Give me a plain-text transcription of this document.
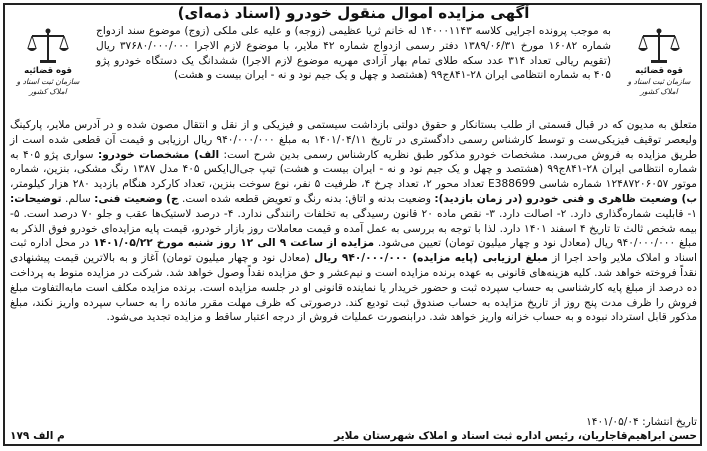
آگهی مزایده اموال منقول خودرو (اسناد ذمه‌ای)
قوه قضائیه
سازمان ثبت اسناد و املاک کشور
قوه قضائیه
سازمان ثبت اسناد و املاک کشور
به موجب پرونده اجرایی کلاسه ۱۴۰۰۰۱۱۴۳ له خانم ثریا عظیمی (زوجه) و علیه علی ملکی (زوج) موضوع سند ازدواج شماره ۱۶۰۸۲ مورخ ۱۳۸۹/۰۶/۳۱ دفتر رسمی ازدواج شماره ۴۲ ملایر، با موضوع لازم الاجرا ۳۷۶۸۰/۰۰۰/۰۰۰ ریال (تقویم ریالی تعداد ۳۱۴ عدد سکه طلای تمام بهار آزادی مهریه موضوع لازم الاجرا) ششدانگ یک دستگاه خودرو پژو ۴۰۵ به شماره انتظامی ایران ۲۸-۸۴۱ج۹۹ (هشتصد و چهل و یک جیم نود و نه - ایران بیست و هشت)
متعلق به مدیون که در قبال قسمتی از طلب بستانکار و حقوق دولتی بازداشت سیستمی و فیزیکی و از نقل و انتقال مصون شده و در آدرس ملایر، پارکینگ ولیعصر توقیف فیزیکی‌ست و توسط کارشناس رسمی دادگستری در تاریخ ۱۴۰۱/۰۴/۱۱ به مبلغ ۹۴۰/۰۰۰/۰۰۰ ریال ارزیابی و قیمت آن قطعی شده است از طریق مزایده به فروش می‌رسد. مشخصات خودرو مذکور طبق نظریه کارشناس رسمی بدین شرح است: الف) مشخصات خودرو: سواری پژو ۴۰۵ به شماره انتظامی ایران ۲۸-۸۴۱ج۹۹ (هشتصد و چهل و یک جیم نود و نه - ایران بیست و هشت) تیپ جی‌ال‌ایکس ۴۰۵ مدل ۱۳۸۷ رنگ مشکی، بنزین، شماره موتور ۱۲۴۸۷۲۰۶۰۵۷ شماره شاسی E388699 تعداد محور ۲، تعداد چرخ ۴، ظرفیت ۵ نفر، نوع سوخت بنزین، تعداد کارکرد هنگام بازدید ۲۸۰ هزار کیلومتر، ب) وضعیت ظاهری و فنی خودرو (در زمان بازدید): وضعیت بدنه و اتاق: بدنه رنگ و تعویض قطعه شده است. ج) وضعیت فنی: سالم. توضیحات: ۱- قابلیت شماره‌گذاری دارد. ۲- اصالت دارد. ۳- نقص ماده ۲۰ قانون رسیدگی به تخلفات رانندگی ندارد. ۴- درصد لاستیک‌ها عقب و جلو ۷۰ درصد است. ۵- بیمه شخص ثالث تا تاریخ ۴ اسفند ۱۴۰۱ دارد. لذا با توجه به بررسی به عمل آمده و قیمت معاملات روز بازار خودرو، قیمت پایه مزایده‌ای خودرو فوق الذکر به مبلغ ۹۴۰/۰۰۰/۰۰۰ ریال (معادل نود و چهار میلیون تومان) تعیین می‌شود. مزایده از ساعت ۹ الی ۱۲ روز شنبه مورخ ۱۴۰۱/۰۵/۲۲ در محل اداره ثبت اسناد و املاک ملایر واحد اجرا از مبلغ ارزیابی (پایه مزایده) ۹۴۰/۰۰۰/۰۰۰ ریال (معادل نود و چهار میلیون تومان) آغاز و به بالاترین قیمت پیشنهادی نقداً فروخته خواهد شد. کلیه هزینه‌های قانونی به عهده برنده مزایده است و نیم‌عشر و حق مزایده نقداً وصول خواهد شد. شرکت در مزایده منوط به پرداخت ده درصد از مبلغ پایه کارشناسی به حساب سپرده ثبت و حضور خریدار یا نماینده قانونی او در جلسه مزایده است. برنده مزایده مکلف است مابه‌التفاوت مبلغ فروش را ظرف مدت پنج روز از تاریخ مزایده به حساب صندوق ثبت تودیع کند. درصورتی که ظرف مهلت مقرر مانده را به حساب سپرده واریز نکند، مبلغ مذکور قابل استرداد نبوده و به حساب خزانه واریز خواهد شد. درابنصورت عملیات فروش از درجه اعتبار ساقط و مزایده تجدید می‌شود.
تاریخ انتشار: ۱۴۰۱/۰۵/۰۴
حسن ابراهیم‌قاجاریان، رئیس اداره ثبت اسناد و املاک شهرستان ملایر
م الف ۱۷۹
